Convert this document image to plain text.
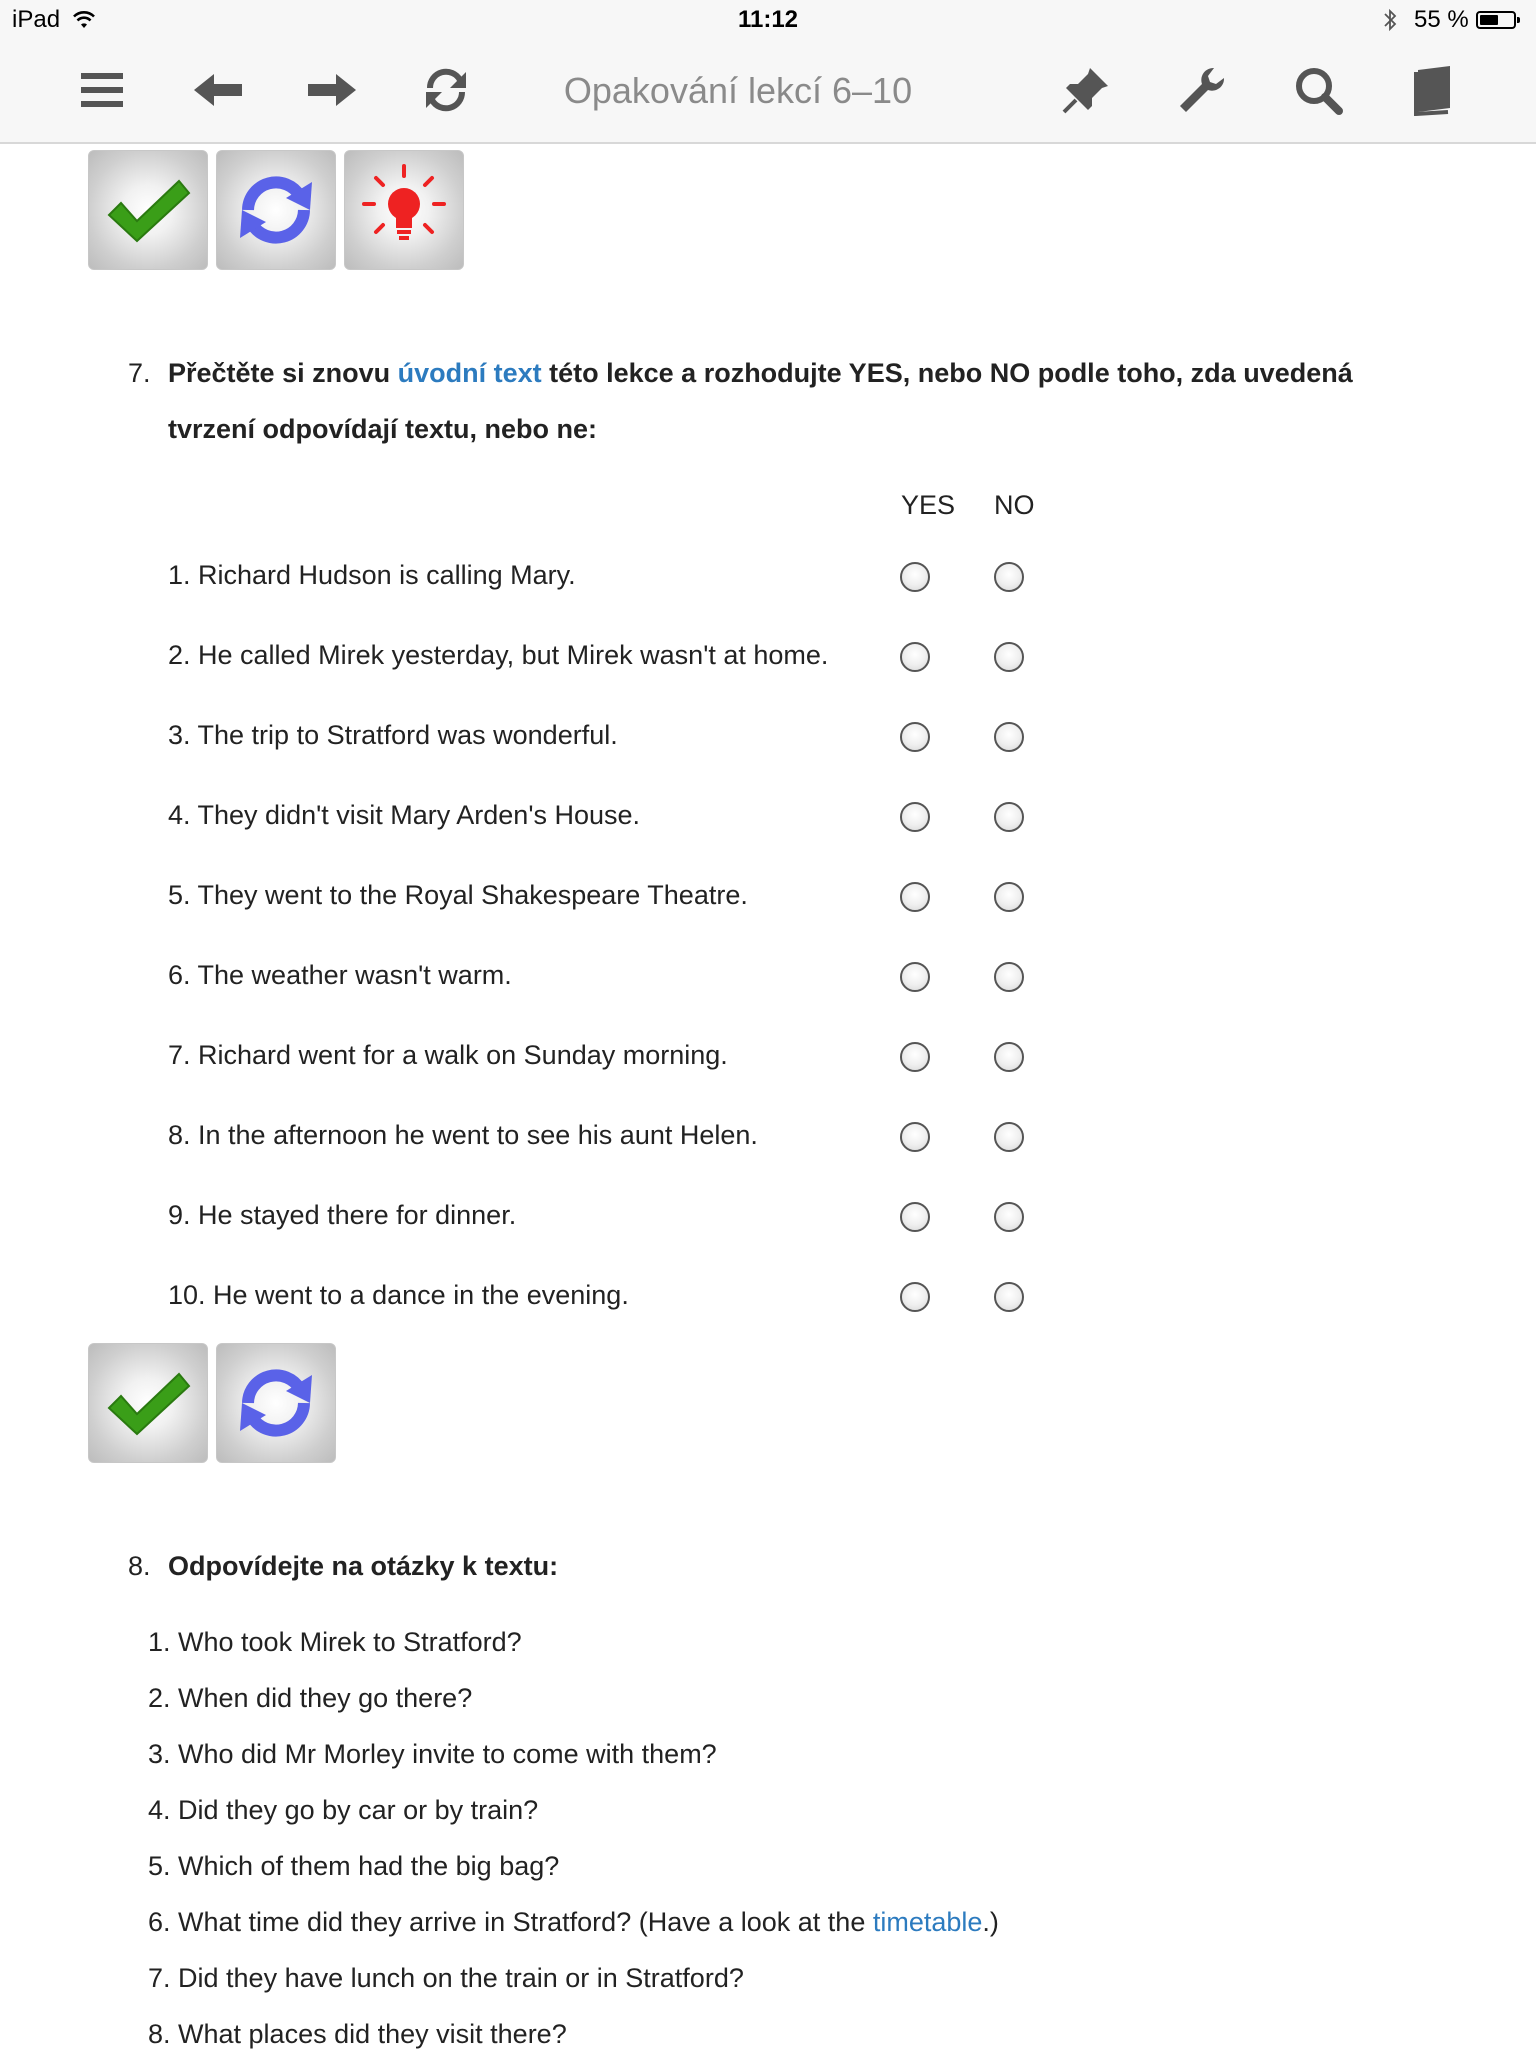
iPad	11:12	55 %
Opakování lekcí 6–10
7. Přečtěte si znovu úvodní text této lekce a rozhodujte YES, nebo NO podle toho, zda uvedená tvrzení odpovídají textu, nebo ne:
YES NO
1. Richard Hudson is calling Mary.
2. He called Mirek yesterday, but Mirek wasn't at home.
3. The trip to Stratford was wonderful.
4. They didn't visit Mary Arden's House.
5. They went to the Royal Shakespeare Theatre.
6. The weather wasn't warm.
7. Richard went for a walk on Sunday morning.
8. In the afternoon he went to see his aunt Helen.
9. He stayed there for dinner.
10. He went to a dance in the evening.
8. Odpovídejte na otázky k textu:
1. Who took Mirek to Stratford?
2. When did they go there?
3. Who did Mr Morley invite to come with them?
4. Did they go by car or by train?
5. Which of them had the big bag?
6. What time did they arrive in Stratford? (Have a look at the timetable.)
7. Did they have lunch on the train or in Stratford?
8. What places did they visit there?
